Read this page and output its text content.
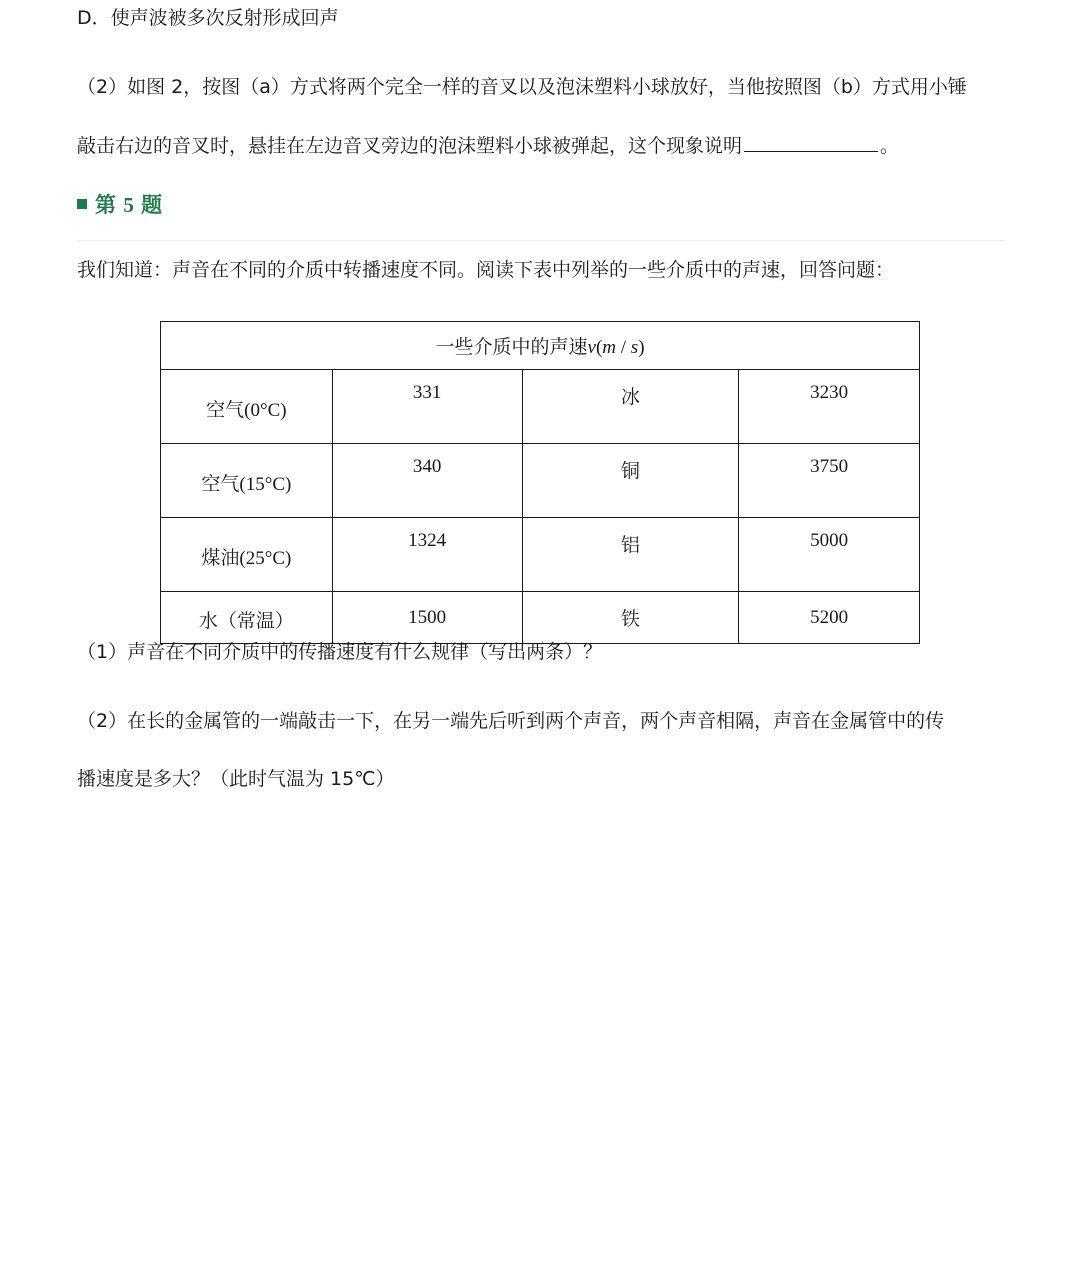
D．使声波被多次反射形成回声
（2）如图 2，按图（a）方式将两个完全一样的音叉以及泡沫塑料小球放好，当他按照图（b）方式用小锤
敲击右边的音叉时，悬挂在左边音叉旁边的泡沫塑料小球被弹起，这个现象说明	。
第 5 题
我们知道：声音在不同的介质中转播速度不同。阅读下表中列举的一些介质中的声速，回答问题：
一些介质中的声速v(m / s)			
空气(0°C)	331	冰	3230
空气(15°C)	340	铜	3750
煤油(25°C)	1324	铝	5000
水（常温）	1500	铁	5200
（1）声音在不同介质中的传播速度有什么规律（写出两条）？
（2）在长的金属管的一端敲击一下，在另一端先后听到两个声音，两个声音相隔，声音在金属管中的传
播速度是多大？（此时气温为 15℃）
